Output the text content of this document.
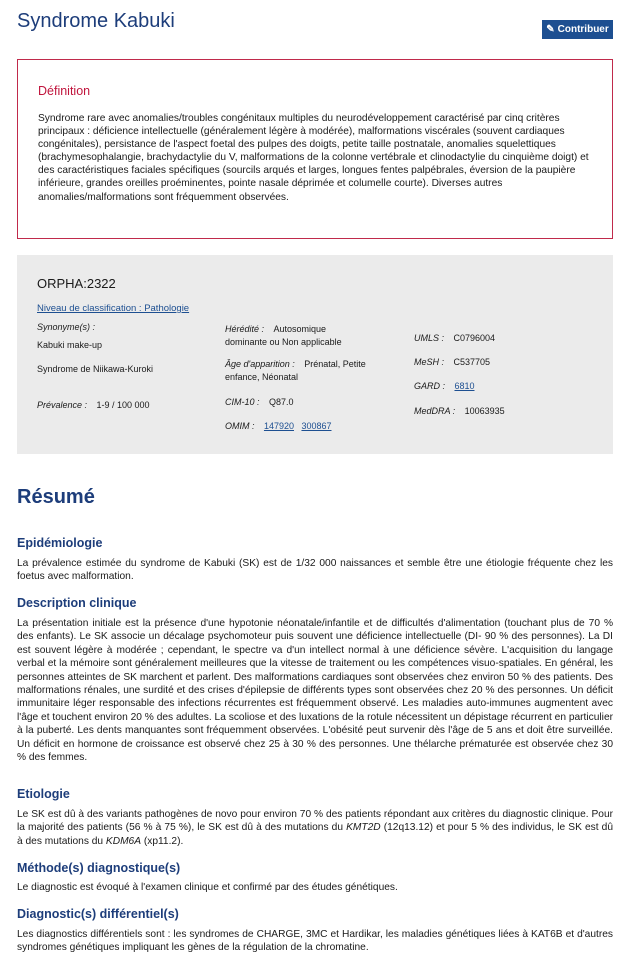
Syndrome Kabuki	✎ Contribuer
Définition
Syndrome rare avec anomalies/troubles congénitaux multiples du neurodéveloppement caractérisé par cinq critères principaux : déficience intellectuelle (généralement légère à modérée), malformations viscérales (souvent cardiaques congénitales), persistance de l'aspect foetal des pulpes des doigts, petite taille postnatale, anomalies squelettiques (brachymesophalangie, brachydactylie du V, malformations de la colonne vertébrale et clinodactylie du cinquième doigt) et des caractéristiques faciales spécifiques (sourcils arqués et larges, longues fentes palpébrales, éversion de la paupière inférieure, grandes oreilles proéminentes, pointe nasale déprimée et columelle courte). Diverses autres anomalies/malformations sont fréquemment observées.
ORPHA:2322
Niveau de classification : Pathologie
Synonyme(s) :
Kabuki make-up
Syndrome de Niikawa-Kuroki
Prévalence : 1-9 / 100 000
Hérédité : Autosomique
dominante ou Non applicable
Âge d'apparition : Prénatal, Petite
enfance, Néonatal
CIM-10 : Q87.0
OMIM : 147920 300867
UMLS : C0796004
MeSH : C537705
GARD : 6810
MedDRA : 10063935
Résumé
Epidémiologie

La prévalence estimée du syndrome de Kabuki (SK) est de 1/32 000 naissances et semble être une étiologie fréquente chez les foetus avec malformation.

Description clinique

La présentation initiale est la présence d'une hypotonie néonatale/infantile et de difficultés d'alimentation (touchant plus de 70 % des enfants). Le SK associe un décalage psychomoteur puis souvent une déficience intellectuelle (DI- 90 % des personnes). La DI est souvent légère à modérée ; cependant, le spectre va d'un intellect normal à une déficience sévère. L'acquisition du langage verbal et la mémoire sont généralement meilleures que la vitesse de traitement ou les compétences visuo-spatiales. En général, les personnes atteintes de SK marchent et parlent. Des malformations cardiaques sont observées chez environ 50 % des patients. Des malformations rénales, une surdité et des crises d'épilepsie de différents types sont observées chez 20 % des personnes. Un déficit immunitaire léger responsable des infections récurrentes est fréquemment observé. Les maladies auto-immunes augmentent avec l'âge et touchent environ 20 % des adultes. La scoliose et des luxations de la rotule nécessitent un dépistage récurrent en particulier à la puberté. Les dents manquantes sont fréquemment observées. L'obésité peut survenir dès l'âge de 5 ans et doit être surveillée. Un déficit en hormone de croissance est observé chez 25 à 30 % des personnes. Une thélarche prématurée est observée chez 30 % des femmes.

Etiologie

Le SK est dû à des variants pathogènes de novo pour environ 70 % des patients répondant aux critères du diagnostic clinique. Pour la majorité des patients (56 % à 75 %), le SK est dû à des mutations du KMT2D (12q13.12) et pour 5 % des individus, le SK est dû à des mutations du KDM6A (xp11.2).

Méthode(s) diagnostique(s)

Le diagnostic est évoqué à l'examen clinique et confirmé par des études génétiques.

Diagnostic(s) différentiel(s)

Les diagnostics différentiels sont : les syndromes de CHARGE, 3MC et Hardikar, les maladies génétiques liées à KAT6B et d'autres syndromes génétiques impliquant les gènes de la régulation de la chromatine.
